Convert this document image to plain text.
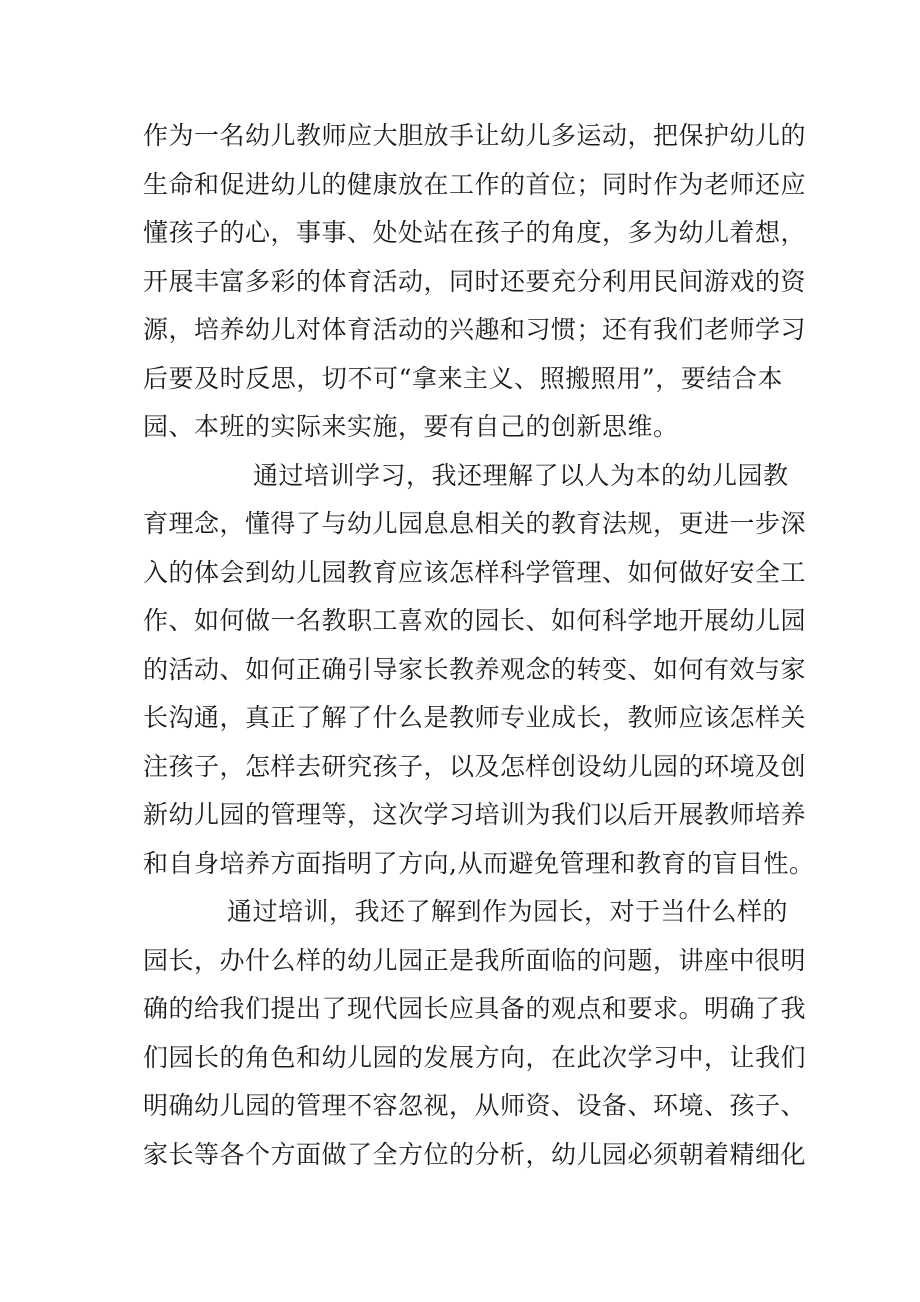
作为一名幼儿教师应大胆放手让幼儿多运动，把保护幼儿的
生命和促进幼儿的健康放在工作的首位；同时作为老师还应
懂孩子的心，事事、处处站在孩子的角度，多为幼儿着想，
开展丰富多彩的体育活动，同时还要充分利用民间游戏的资
源，培养幼儿对体育活动的兴趣和习惯；还有我们老师学习
后要及时反思，切不可“拿来主义、照搬照用”，要结合本
园、本班的实际来实施，要有自己的创新思维。
通过培训学习，我还理解了以人为本的幼儿园教
育理念，懂得了与幼儿园息息相关的教育法规，更进一步深
入的体会到幼儿园教育应该怎样科学管理、如何做好安全工
作、如何做一名教职工喜欢的园长、如何科学地开展幼儿园
的活动、如何正确引导家长教养观念的转变、如何有效与家
长沟通，真正了解了什么是教师专业成长，教师应该怎样关
注孩子，怎样去研究孩子，以及怎样创设幼儿园的环境及创
新幼儿园的管理等，这次学习培训为我们以后开展教师培养
和自身培养方面指明了方向,从而避免管理和教育的盲目性。
通过培训，我还了解到作为园长，对于当什么样的
园长，办什么样的幼儿园正是我所面临的问题，讲座中很明
确的给我们提出了现代园长应具备的观点和要求。明确了我
们园长的角色和幼儿园的发展方向，在此次学习中，让我们
明确幼儿园的管理不容忽视，从师资、设备、环境、孩子、
家长等各个方面做了全方位的分析，幼儿园必须朝着精细化
